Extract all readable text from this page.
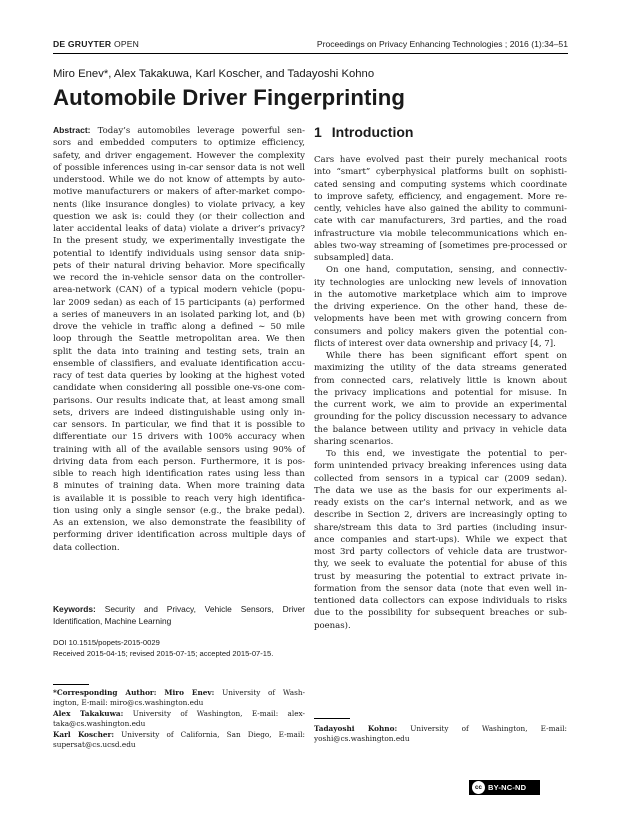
DE GRUYTER OPEN	Proceedings on Privacy Enhancing Technologies ; 2016 (1):34–51
Miro Enev*, Alex Takakuwa, Karl Koscher, and Tadayoshi Kohno
Automobile Driver Fingerprinting
Abstract: Today’s automobiles leverage powerful sen-
sors and embedded computers to optimize efficiency,
safety, and driver engagement. However the complexity
of possible inferences using in-car sensor data is not well
understood. While we do not know of attempts by auto-
motive manufacturers or makers of after-market compo-
nents (like insurance dongles) to violate privacy, a key
question we ask is: could they (or their collection and
later accidental leaks of data) violate a driver’s privacy?
In the present study, we experimentally investigate the
potential to identify individuals using sensor data snip-
pets of their natural driving behavior. More specifically
we record the in-vehicle sensor data on the controller-
area-network (CAN) of a typical modern vehicle (popu-
lar 2009 sedan) as each of 15 participants (a) performed
a series of maneuvers in an isolated parking lot, and (b)
drove the vehicle in traffic along a defined ∼ 50 mile
loop through the Seattle metropolitan area. We then
split the data into training and testing sets, train an
ensemble of classifiers, and evaluate identification accu-
racy of test data queries by looking at the highest voted
candidate when considering all possible one-vs-one com-
parisons. Our results indicate that, at least among small
sets, drivers are indeed distinguishable using only in-
car sensors. In particular, we find that it is possible to
differentiate our 15 drivers with 100% accuracy when
training with all of the available sensors using 90% of
driving data from each person. Furthermore, it is pos-
sible to reach high identification rates using less than
8 minutes of training data. When more training data
is available it is possible to reach very high identifica-
tion using only a single sensor (e.g., the brake pedal).
As an extension, we also demonstrate the feasibility of
performing driver identification across multiple days of
data collection.
Keywords: Security and Privacy, Vehicle Sensors, Driver
Identification, Machine Learning
DOI 10.1515/popets-2015-0029
Received 2015-04-15; revised 2015-07-15; accepted 2015-07-15.
*Corresponding Author: Miro Enev: University of Wash-
ington, E-mail: miro@cs.washington.edu
Alex Takakuwa: University of Washington, E-mail: alex-
taka@cs.washington.edu
Karl Koscher: University of California, San Diego, E-mail:
supersat@cs.ucsd.edu
1 Introduction
Cars have evolved past their purely mechanical roots
into “smart” cyberphysical platforms built on sophisti-
cated sensing and computing systems which coordinate
to improve safety, efficiency, and engagement. More re-
cently, vehicles have also gained the ability to communi-
cate with car manufacturers, 3rd parties, and the road
infrastructure via mobile telecommunications which en-
ables two-way streaming of [sometimes pre-processed or
subsampled] data.
On one hand, computation, sensing, and connectiv-
ity technologies are unlocking new levels of innovation
in the automotive marketplace which aim to improve
the driving experience. On the other hand, these de-
velopments have been met with growing concern from
consumers and policy makers given the potential con-
flicts of interest over data ownership and privacy [4, 7].
While there has been significant effort spent on
maximizing the utility of the data streams generated
from connected cars, relatively little is known about
the privacy implications and potential for misuse. In
the current work, we aim to provide an experimental
grounding for the policy discussion necessary to advance
the balance between utility and privacy in vehicle data
sharing scenarios.
To this end, we investigate the potential to per-
form unintended privacy breaking inferences using data
collected from sensors in a typical car (2009 sedan).
The data we use as the basis for our experiments al-
ready exists on the car’s internal network, and as we
describe in Section 2, drivers are increasingly opting to
share/stream this data to 3rd parties (including insur-
ance companies and start-ups). While we expect that
most 3rd party collectors of vehicle data are trustwor-
thy, we seek to evaluate the potential for abuse of this
trust by measuring the potential to extract private in-
formation from the sensor data (note that even well in-
tentioned data collectors can expose individuals to risks
due to the possibility for subsequent breaches or sub-
poenas).
Tadayoshi Kohno: University of Washington, E-mail:
yoshi@cs.washington.edu
cc BY-NC-ND
